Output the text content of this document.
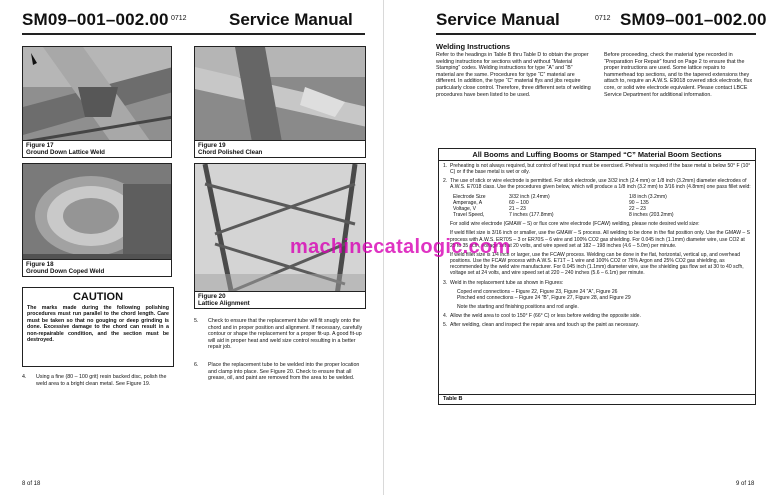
SM09–001–002.00 0712 Service Manual
Figure 17
Ground Down Lattice Weld
Figure 18
Ground Down Coped Weld
Figure 19
Chord Polished Clean
Figure 20
Lattice Alignment
CAUTION
The marks made during the following polishing procedures must run parallel to the chord length. Care must be taken so that no gouging or deep grinding is done. Excessive damage to the chord can result in a non-repairable condition, and the section must be destroyed.
4.	Using a fine (80 – 100 grit) resin backed disc, polish the weld area to a bright clean metal. See Figure 19.
5.	Check to ensure that the replacement tube will fit snugly onto the chord and in proper position and alignment. If necessary, carefully contour or shape the replacement for a proper fit-up. A good fit-up will aid in proper heat and weld size control resulting in a better repair job.
6.	Place the replacement tube to be welded into the proper location and clamp into place. See Figure 20. Check to ensure that all grease, oil, and paint are removed from the area to be welded.
8 of 18
Service Manual	0712 SM09–001–002.00
Welding Instructions
Refer to the headings in Table B thru Table D to obtain the proper welding instructions for sections with and without “Material Stamping” codes. Welding instructions for type “A” and “B” material are the same. Procedures for type “C” material are different. In addition, the type “C” material flys and jibs require particularly close control. Therefore, three different sets of welding procedures have been listed to be used.
Before proceeding, check the material type recorded in “Preparation For Repair” found on Page 2 to ensure that the proper instructions are used. Some lattice repairs to hammerhead top sections, and to the tapered extensions they attach to, require an A.W.S. E9018 covered stick electrode, flux core, or solid wire electrode equivalent. Please contact LBCE Service Department for additional information.
All Booms and Luffing Booms or Stamped “C” Material Boom Sections
1. Preheating is not always required, but control of heat input must be exercised. Preheat is required if the base metal is below 50° F (10° C) or if the base metal is wet or oily.
2. The use of stick or wire electrode is permitted. For stick electrode, use 3/32 inch (2.4 mm) or 1/8 inch (3.2mm) diameter electrodes of A.W.S. E7018 class. Use the procedures given below, which will produce a 1/8 inch (3.2 mm) to 3/16 inch (4.8mm) one pass fillet weld:
Electrode Size	3/32 inch (2.4mm)	1/8 inch (3.2mm)
Amperage, A	60 – 100	90 – 135
Voltage, V	21 – 23	22 – 23
Travel Speed,	7 inches (177.8mm)	8 inches (203.2mm)
For solid wire electrode (GMAW – S) or flux core wire electrode (FCAW) welding, please note desired weld size:
If weld fillet size is 3/16 inch or smaller, use the GMAW – S process. All welding to be done in the flat position only. Use the GMAW – S process with A.W.S. ER70S – 3 or ER70S – 6 wire and 100% CO2 gas shielding. For 0.045 inch (1.1mm) diameter wire, use CO2 at 25 to 35 scfh, voltage set at 20 volts, and wire speed set at 182 – 198 inches (4.6 – 5.0m) per minute.
If weld fillet size is 1/4 inch or larger, use the FCAW process. Welding can be done in the flat, horizontal, vertical up, and overhead positions. Use the FCAW process with A.W.S. E71T – 1 wire and 100% CO2 or 75% Argon and 25% CO2 gas shielding, as recommended by the weld wire manufacturer. For 0.045 inch (1.1mm) diameter wire, use the shielding gas flow set at 30 to 40 scfh, voltage set at 24 volts, and wire speed set at 220 – 240 inches (5.6 – 6.1m) per minute.
3. Weld in the replacement tube as shown in Figures:
Coped end connections – Figure 22, Figure 23, Figure 24 “A”, Figure 26
Pinched end connections – Figure 24 “B”, Figure 27, Figure 28, and Figure 29
Note the starting and finishing positions and rod angle.
4. Allow the weld area to cool to 150° F (66° C) or less before welding the opposite side.
5. After welding, clean and inspect the repair area and touch up the paint as necessary.
Table B
9 of 18
machinecatalogic.com
